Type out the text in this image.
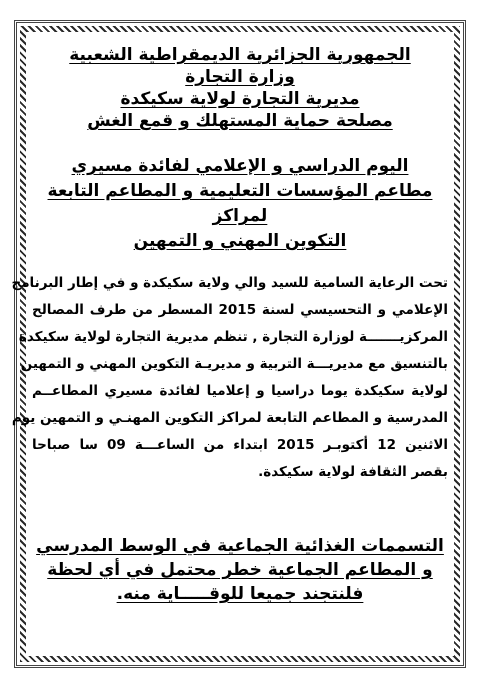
الجمهورية الجزائرية الديمقراطية الشعبية

وزارة التجارة

مديرية التجارة لولاية سكيكدة

مصلحة حماية المستهلك و قمع الغش

اليوم الدراسي و الإعلامي لفائدة مسيري

مطاعم المؤسسات التعليمية و المطاعم التابعة لمراكز

التكوين المهني و التمهين

تحت الرعاية السامية للسيد والي ولاية سكيكدة و في إطار البرنامج

الإعلامي و التحسيسي لسنة 2015 المسطر من طرف المصالح

المركزيـــــــة لوزارة التجارة , تنظم مديرية التجارة لولاية سكيكدة

بالتنسيق مع مديريـــة التربية و مديريـة التكوين المهني و التمهين

لولاية سكيكدة يوما دراسيا و إعلاميا لفائدة مسيري المطاعــم

المدرسية و المطاعم التابعة لمراكز التكوين المهنـي و التمهين يوم

الاثنين 12 أكتوبـر 2015 ابتداء من الساعـــة 09 سا صباحا

بقصر الثقافة لولاية سكيكدة.

التسممات الغذائية الجماعية في الوسط المدرسي

و المطاعم الجماعية خطر محتمل في أي لحظة

فلنتجند جميعا للوقـــــاية منه.
